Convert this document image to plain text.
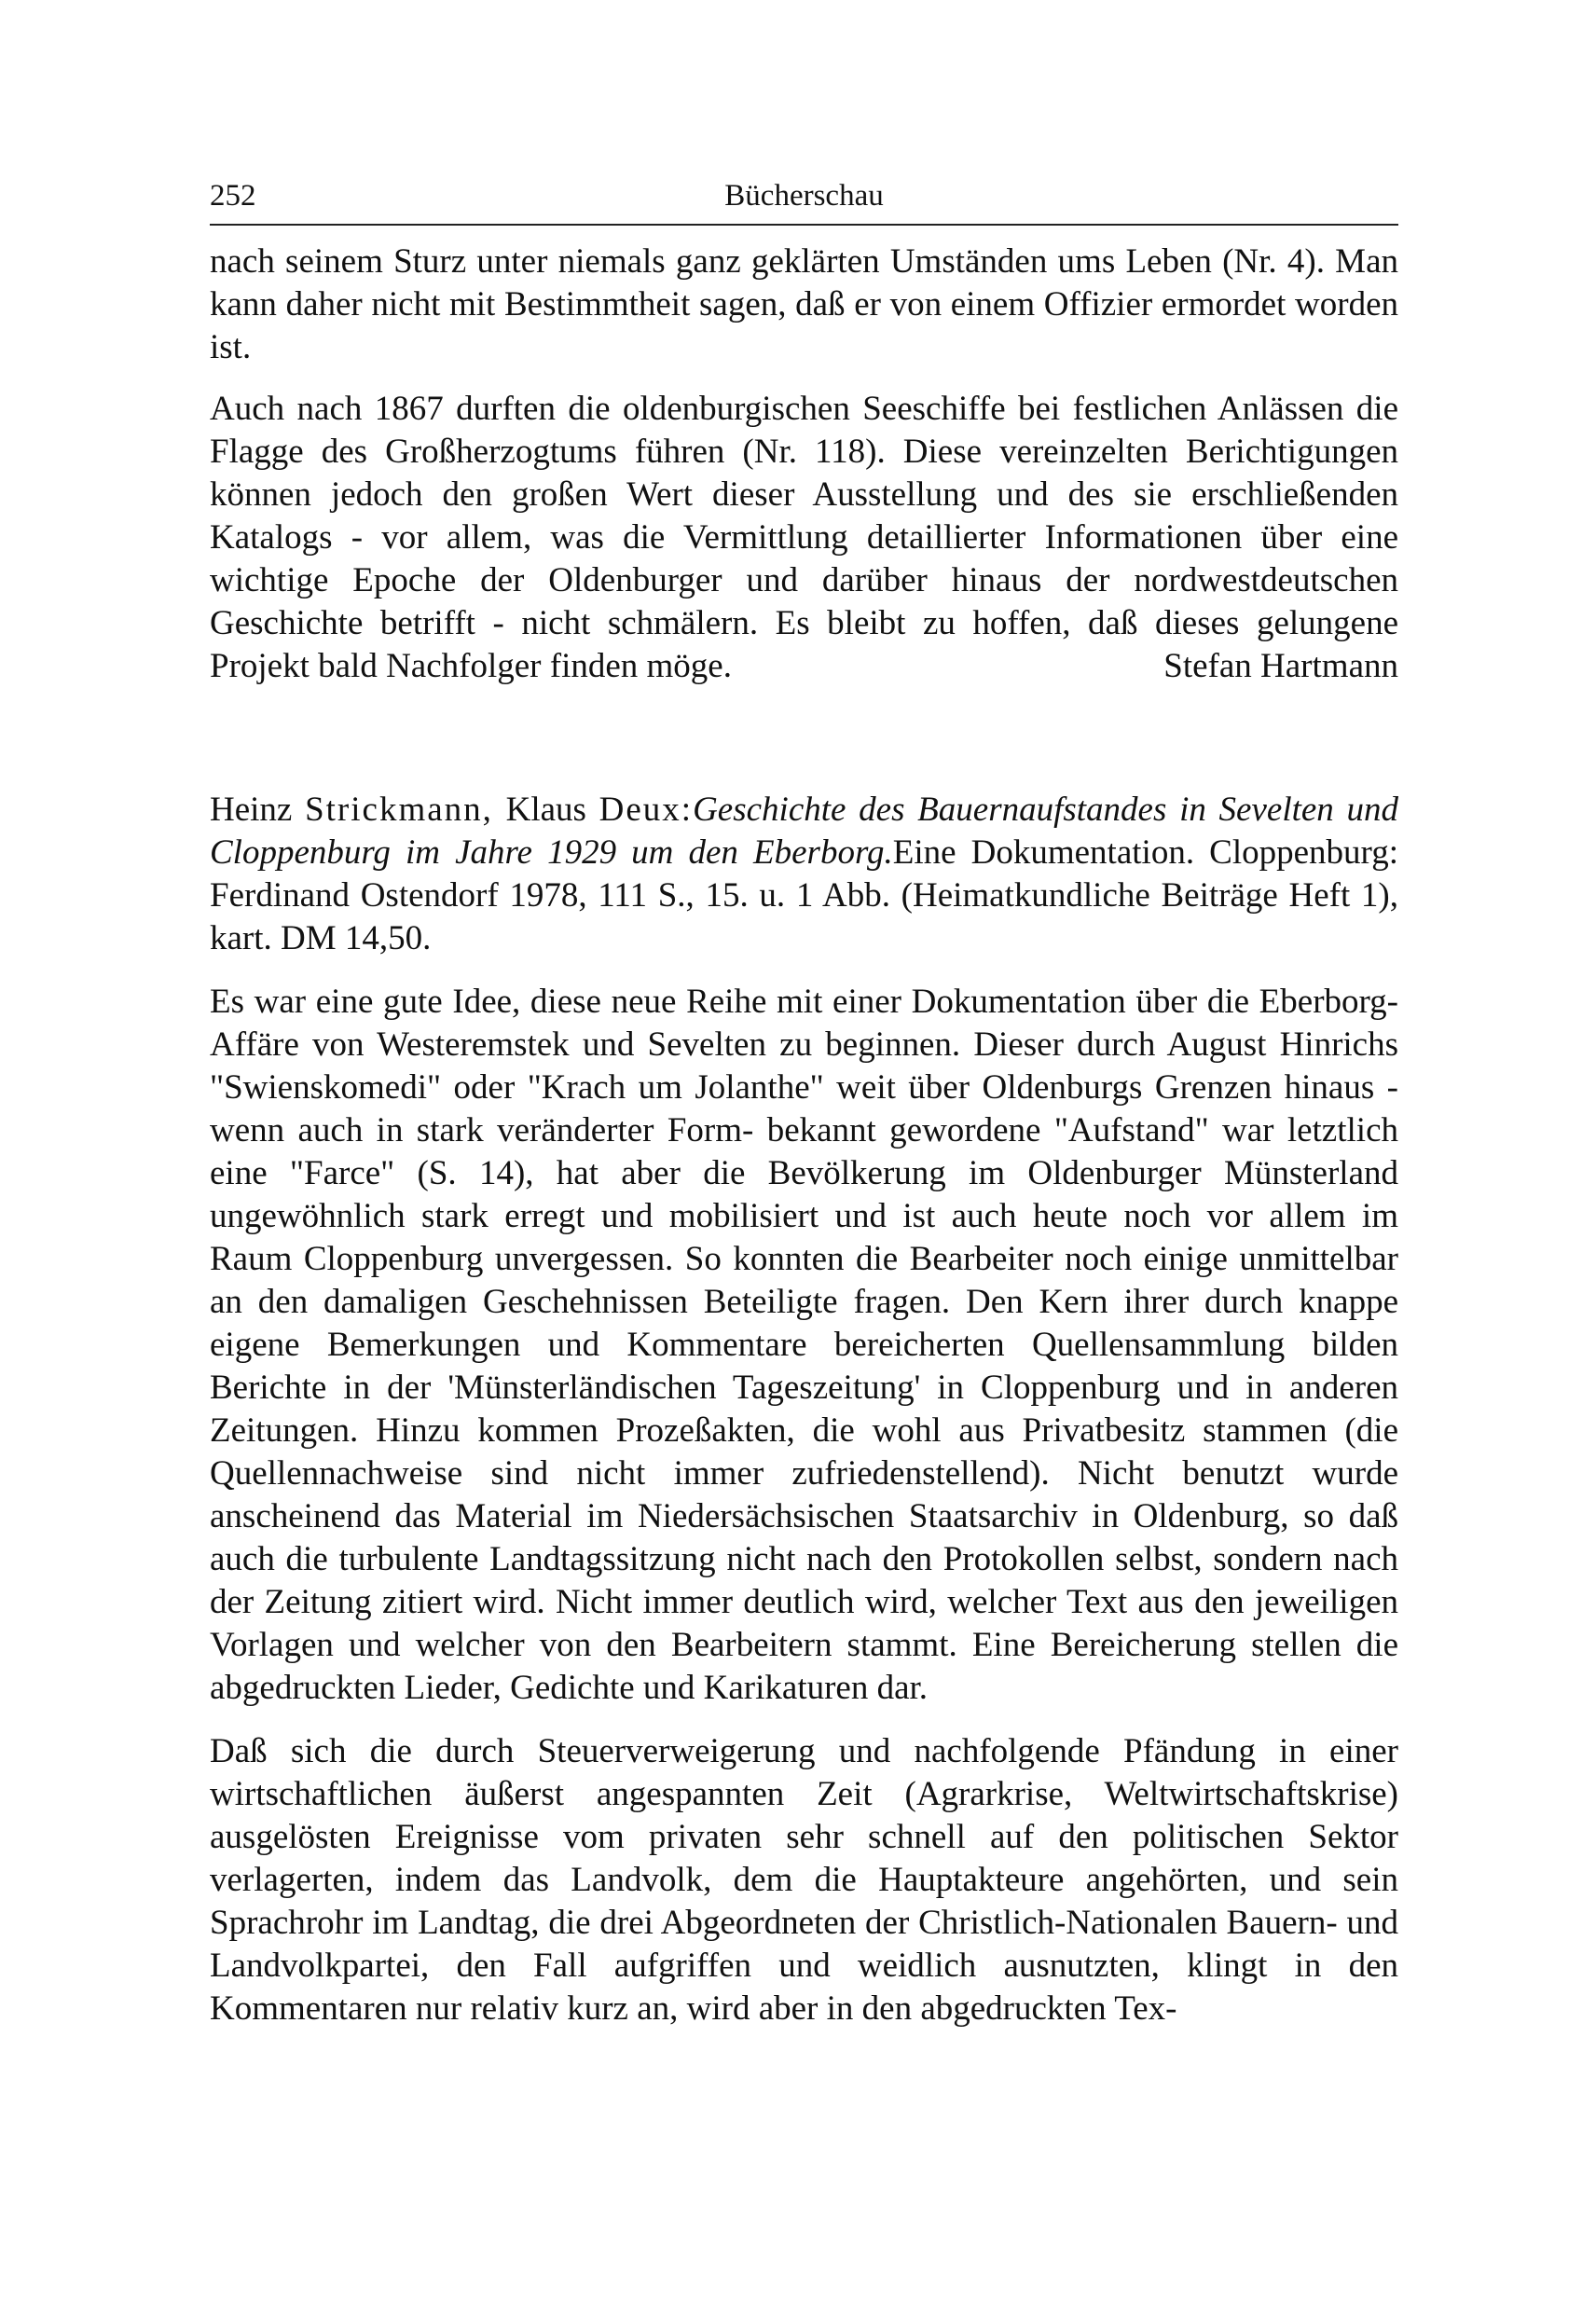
252	Bücherschau

nach seinem Sturz unter niemals ganz geklärten Umständen ums Leben (Nr. 4). Man kann daher nicht mit Bestimmtheit sagen, daß er von einem Offizier ermordet worden ist.

Auch nach 1867 durften die oldenburgischen Seeschiffe bei festlichen Anlässen die Flagge des Großherzogtums führen (Nr. 118). Diese vereinzelten Berichtigungen können jedoch den großen Wert dieser Ausstellung und des sie erschließenden Katalogs - vor allem, was die Vermittlung detaillierter Informationen über eine wichtige Epoche der Oldenburger und darüber hinaus der nordwestdeutschen Geschichte betrifft - nicht schmälern. Es bleibt zu hoffen, daß dieses gelungene Projekt bald Nachfolger finden möge.	Stefan Hartmann

Heinz Strickmann, Klaus Deux:Geschichte des Bauernaufstandes in Sevelten und Cloppenburg im Jahre 1929 um den Eberborg.Eine Dokumentation. Cloppenburg: Ferdinand Ostendorf 1978, 111 S., 15. u. 1 Abb. (Heimatkundliche Beiträge Heft 1), kart. DM 14,50.

Es war eine gute Idee, diese neue Reihe mit einer Dokumentation über die Eberborg-Affäre von Westeremstek und Sevelten zu beginnen. Dieser durch August Hinrichs "Swienskomedi" oder "Krach um Jolanthe" weit über Oldenburgs Grenzen hinaus - wenn auch in stark veränderter Form- bekannt gewordene "Aufstand" war letztlich eine "Farce" (S. 14), hat aber die Bevölkerung im Oldenburger Münsterland ungewöhnlich stark erregt und mobilisiert und ist auch heute noch vor allem im Raum Cloppenburg unvergessen. So konnten die Bearbeiter noch einige unmittelbar an den damaligen Geschehnissen Beteiligte fragen. Den Kern ihrer durch knappe eigene Bemerkungen und Kommentare bereicherten Quellensammlung bilden Berichte in der 'Münsterländischen Tageszeitung' in Cloppenburg und in anderen Zeitungen. Hinzu kommen Prozeßakten, die wohl aus Privatbesitz stammen (die Quellennachweise sind nicht immer zufriedenstellend). Nicht benutzt wurde anscheinend das Material im Niedersächsischen Staatsarchiv in Oldenburg, so daß auch die turbulente Landtagssitzung nicht nach den Protokollen selbst, sondern nach der Zeitung zitiert wird. Nicht immer deutlich wird, welcher Text aus den jeweiligen Vorlagen und welcher von den Bearbeitern stammt. Eine Bereicherung stellen die abgedruckten Lieder, Gedichte und Karikaturen dar.

Daß sich die durch Steuerverweigerung und nachfolgende Pfändung in einer wirtschaftlichen äußerst angespannten Zeit (Agrarkrise, Weltwirtschaftskrise) ausgelösten Ereignisse vom privaten sehr schnell auf den politischen Sektor verlagerten, indem das Landvolk, dem die Hauptakteure angehörten, und sein Sprachrohr im Landtag, die drei Abgeordneten der Christlich-Nationalen Bauern- und Landvolkpartei, den Fall aufgriffen und weidlich ausnutzten, klingt in den Kommentaren nur relativ kurz an, wird aber in den abgedruckten Tex-
